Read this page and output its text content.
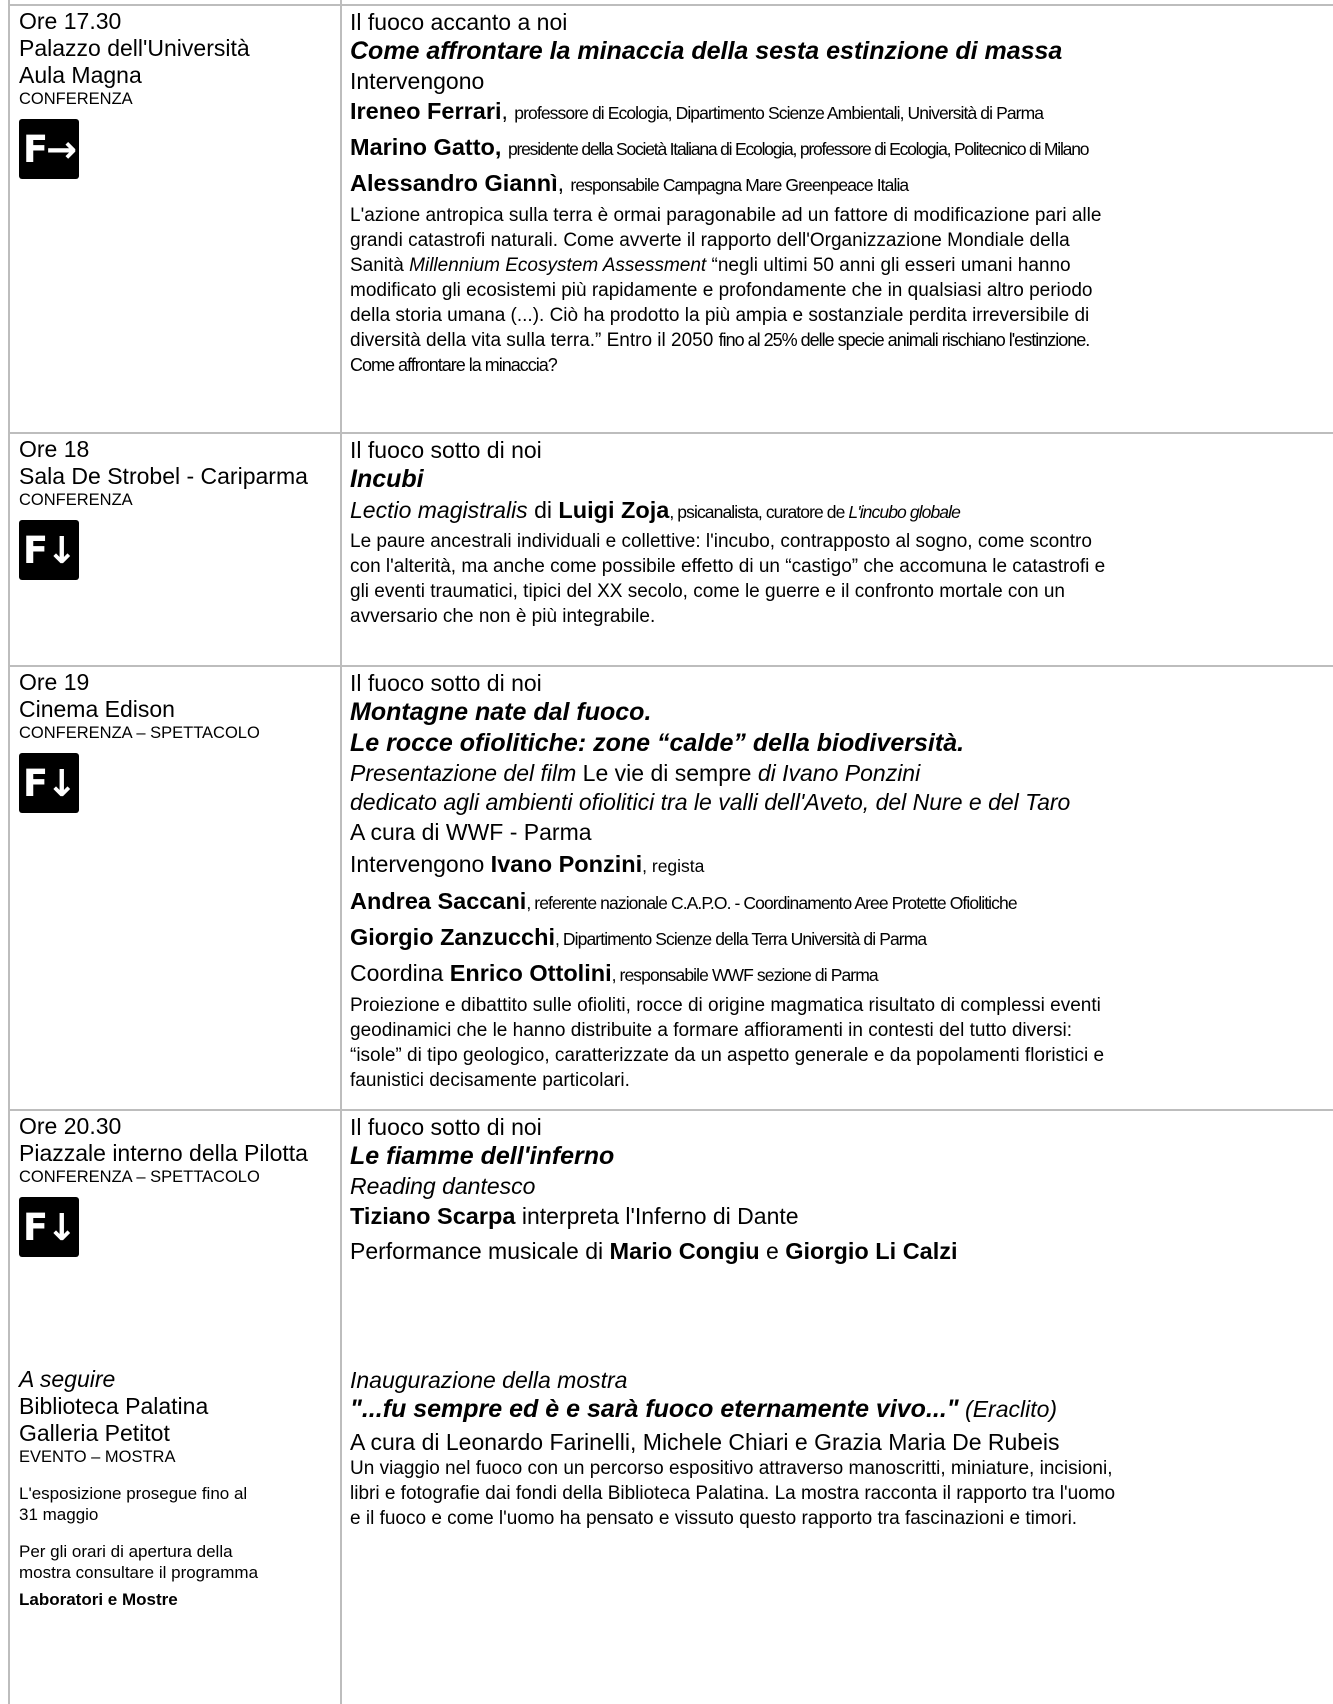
Ore 17.30
Palazzo dell'Università
Aula Magna
CONFERENZA
F→
Il fuoco accanto a noi
Come affrontare la minaccia della sesta estinzione di massa
Intervengono
Ireneo Ferrari, professore di Ecologia, Dipartimento Scienze Ambientali, Università di Parma
Marino Gatto, presidente della Società Italiana di Ecologia, professore di Ecologia, Politecnico di Milano
Alessandro Giannì, responsabile Campagna Mare Greenpeace Italia
L'azione antropica sulla terra è ormai paragonabile ad un fattore di modificazione pari alle
grandi catastrofi naturali. Come avverte il rapporto dell'Organizzazione Mondiale della
Sanità Millennium Ecosystem Assessment “negli ultimi 50 anni gli esseri umani hanno
modificato gli ecosistemi più rapidamente e profondamente che in qualsiasi altro periodo
della storia umana (...). Ciò ha prodotto la più ampia e sostanziale perdita irreversibile di
diversità della vita sulla terra.” Entro il 2050 fino al 25% delle specie animali rischiano l'estinzione.
Come affrontare la minaccia?
Ore 18
Sala De Strobel - Cariparma
CONFERENZA
F↓
Il fuoco sotto di noi
Incubi
Lectio magistralis di Luigi Zoja, psicanalista, curatore de L'incubo globale
Le paure ancestrali individuali e collettive: l'incubo, contrapposto al sogno, come scontro
con l'alterità, ma anche come possibile effetto di un “castigo” che accomuna le catastrofi e
gli eventi traumatici, tipici del XX secolo, come le guerre e il confronto mortale con un
avversario che non è più integrabile.
Ore 19
Cinema Edison
CONFERENZA – SPETTACOLO
F↓
Il fuoco sotto di noi
Montagne nate dal fuoco.
Le rocce ofiolitiche: zone “calde” della biodiversità.
Presentazione del film Le vie di sempre di Ivano Ponzini
dedicato agli ambienti ofiolitici tra le valli dell'Aveto, del Nure e del Taro
A cura di WWF - Parma
Intervengono Ivano Ponzini, regista
Andrea Saccani, referente nazionale C.A.P.O. - Coordinamento Aree Protette Ofiolitiche
Giorgio Zanzucchi, Dipartimento Scienze della Terra Università di Parma
Coordina Enrico Ottolini, responsabile WWF sezione di Parma
Proiezione e dibattito sulle ofioliti, rocce di origine magmatica risultato di complessi eventi
geodinamici che le hanno distribuite a formare affioramenti in contesti del tutto diversi:
“isole” di tipo geologico, caratterizzate da un aspetto generale e da popolamenti floristici e
faunistici decisamente particolari.
Ore 20.30
Piazzale interno della Pilotta
CONFERENZA – SPETTACOLO
F↓
Il fuoco sotto di noi
Le fiamme dell'inferno
Reading dantesco
Tiziano Scarpa interpreta l'Inferno di Dante
Performance musicale di Mario Congiu e Giorgio Li Calzi
A seguire
Biblioteca Palatina
Galleria Petitot
EVENTO – MOSTRA
L'esposizione prosegue fino al
31 maggio
Per gli orari di apertura della
mostra consultare il programma
Laboratori e Mostre
Inaugurazione della mostra
"...fu sempre ed è e sarà fuoco eternamente vivo..." (Eraclito)
A cura di Leonardo Farinelli, Michele Chiari e Grazia Maria De Rubeis
Un viaggio nel fuoco con un percorso espositivo attraverso manoscritti, miniature, incisioni,
libri e fotografie dai fondi della Biblioteca Palatina. La mostra racconta il rapporto tra l'uomo
e il fuoco e come l'uomo ha pensato e vissuto questo rapporto tra fascinazioni e timori.
